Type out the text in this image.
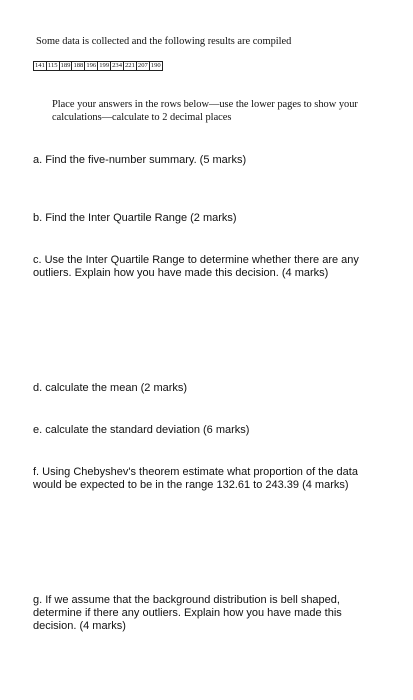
Some data is collected and the following results are compiled
141	115	189	188	196	199	234	221	207	190
Place your answers in the rows below—use the lower pages to show your calculations—calculate to 2 decimal places
a. Find the five-number summary. (5 marks)
b. Find the Inter Quartile Range (2 marks)
c. Use the Inter Quartile Range to determine whether there are any outliers. Explain how you have made this decision. (4 marks)
d. calculate the mean (2 marks)
e. calculate the standard deviation (6 marks)
f. Using Chebyshev's theorem estimate what proportion of the data would be expected to be in the range 132.61 to 243.39 (4 marks)
g. If we assume that the background distribution is bell shaped, determine if there any outliers. Explain how you have made this decision. (4 marks)
